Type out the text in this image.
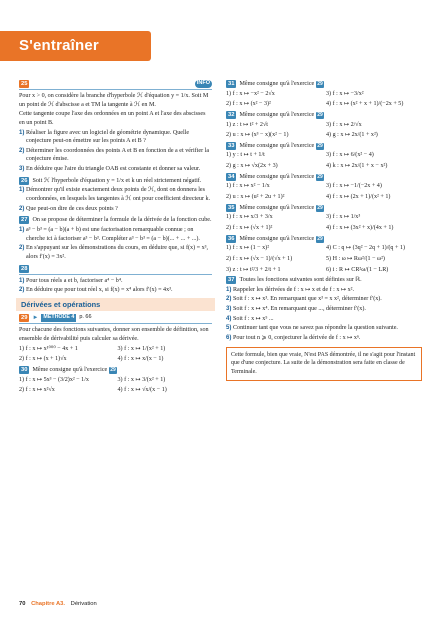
S'entraîner
25	INFO

Pour x > 0, on considère la branche d'hyperbole ℋ d'équation y = 1/x. Soit M un point de ℋ d'abscisse a et TM la tangente à ℋ en M.

Cette tangente coupe l'axe des ordonnées en un point A et l'axe des abscisses en un point B.

1) Réaliser la figure avec un logiciel de géométrie dynamique. Quelle conjecture peut-on émettre sur les points A et B ?

2) Déterminer les coordonnées des points A et B en fonction de a et vérifier la conjecture émise.

3) En déduire que l'aire du triangle OAB est constante et donner sa valeur.

26 Soit ℋ l'hyperbole d'équation y = 1/x et k un réel strictement négatif.

1) Démontrer qu'il existe exactement deux points de ℋ, dont on donnera les coordonnées, en lesquels les tangentes à ℋ ont pour coefficient directeur k.

2) Que peut-on dire de ces deux points ?

27 On se propose de déterminer la formule de la dérivée de la fonction cube.

1) a³ − b³ = (a − b)(a + b) est une factorisation remarquable connue ; on cherche ici à factoriser a³ − b³. Compléter a³ − b³ = (a − b)(... + ... + ...).

2) En s'appuyant sur les démonstrations du cours, en déduire que, si f(x) = x³, alors f′(x) = 3x².

28

1) Pour tous réels a et b, factoriser a⁴ − b⁴.

2) En déduire que pour tout réel x, si f(x) = x⁴ alors f′(x) = 4x³.

Dérivées et opérations
29 ► MÉTHODE 4 p. 66

Pour chacune des fonctions suivantes, donner son ensemble de définition, son ensemble de dérivabilité puis calculer sa dérivée.

1) f : x ↦ x¹⁰⁰⁰ − 4x + 1	3) f : x ↦ 1/(x² + 1)
2) f : x ↦ (x + 1)√x	4) f : x ↦ x/(x − 1)

30 Même consigne qu'à l'exercice 29

1) f : x ↦ 5x³ − (3/2)x² − 1/x	3) f : x ↦ 3/(x² + 1)
2) f : x ↦ x²√x	4) f : x ↦ √x/(x − 1)

31 Même consigne qu'à l'exercice 29

1) f : x ↦ −x² − 2√x	3) f : x ↦ −3/x²
2) f : x ↦ (x² − 3)²	4) f : x ↦ (x² + x + 1)/(−2x + 5)

32 Même consigne qu'à l'exercice 29

1) z : t ↦ t² + 2√t	3) f : x ↦ 2/√x
2) u : x ↦ (x³ − x)(x² − 1)	4) g : x ↦ 2x/(1 + x²)

33 Même consigne qu'à l'exercice 29

1) y : t ↦ t + 1/t	3) f : x ↦ 6/(x² − 4)
2) g : x ↦ √x(2x + 3)	4) k : x ↦ 2x/(1 + x − x²)

34 Même consigne qu'à l'exercice 29

1) f : x ↦ x² − 1/x	3) f : x ↦ −1/(−2x + 4)
2) u : x ↦ (u² + 2u + 1)²	4) f : x ↦ (2x + 1)/(x² + 1)

35 Même consigne qu'à l'exercice 29

1) f : x ↦ x/3 + 3/x	3) f : x ↦ 1/x³
2) f : x ↦ (√x + 1)²	4) f : x ↦ (3x² + x)/(4x + 1)

36 Même consigne qu'à l'exercice 29

1) f : x ↦ (1 − x)²	4) C : q ↦ (3q² − 2q + 1)/(q + 1)
2) f : x ↦ (√x − 1)/(√x + 1)	5) H : ω ↦ Rω²/(1 − ω²)
3) z : t ↦ t²/3 + 2/t + 1	6) i : R ↦ CR²ω/(1 − LR)

37 Toutes les fonctions suivantes sont définies sur ℝ.

1) Rappeler les dérivées de f : x ↦ x et de f : x ↦ x².

2) Soit f : x ↦ x³. En remarquant que x³ = x x², déterminer f′(x).

3) Soit f : x ↦ x⁴. En remarquant que ..., déterminer f′(x).

4) Soit f : x ↦ x⁵ ...

5) Continuer tant que vous ne savez pas répondre la question suivante.

6) Pour tout n ⩾ 0, conjecturer la dérivée de f : x ↦ xⁿ.

Cette formule, bien que vraie, N'est PAS démontrée, il ne s'agit pour l'instant que d'une conjecture. La suite de la démonstration sera faite en classe de Terminale.
70 Chapitre A3. Dérivation
